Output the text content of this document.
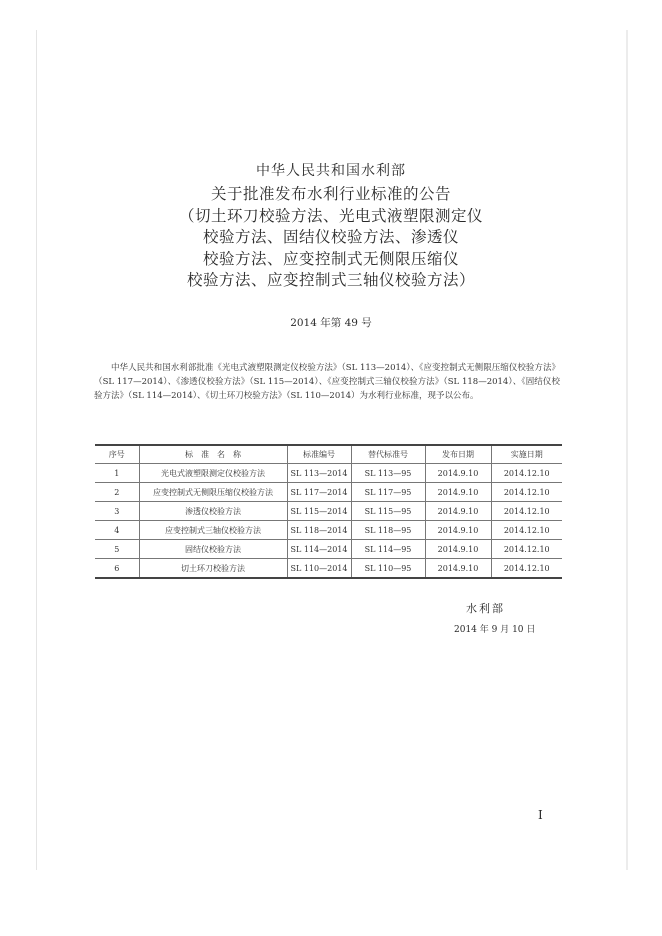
中华人民共和国水利部
关于批准发布水利行业标准的公告
（切土环刀校验方法、光电式液塑限测定仪
校验方法、固结仪校验方法、渗透仪
校验方法、应变控制式无侧限压缩仪
校验方法、应变控制式三轴仪校验方法）
2014 年第 49 号

中华人民共和国水利部批准《光电式液塑限测定仪校验方法》（SL 113—2014）、《应变控制式无侧限压缩仪校验方法》（SL 117—2014）、《渗透仪校验方法》（SL 115—2014）、《应变控制式三轴仪校验方法》（SL 118—2014）、《固结仪校验方法》（SL 114—2014）、《切土环刀校验方法》（SL 110—2014）为水利行业标准，现予以公布。

序号	标　准　名　称	标准编号	替代标准号	发布日期	实施日期
1	光电式液塑限测定仪校验方法	SL 113—2014	SL 113—95	2014.9.10	2014.12.10
2	应变控制式无侧限压缩仪校验方法	SL 117—2014	SL 117—95	2014.9.10	2014.12.10
3	渗透仪校验方法	SL 115—2014	SL 115—95	2014.9.10	2014.12.10
4	应变控制式三轴仪校验方法	SL 118—2014	SL 118—95	2014.9.10	2014.12.10
5	固结仪校验方法	SL 114—2014	SL 114—95	2014.9.10	2014.12.10
6	切土环刀校验方法	SL 110—2014	SL 110—95	2014.9.10	2014.12.10
水利部
2014 年 9 月 10 日
I
